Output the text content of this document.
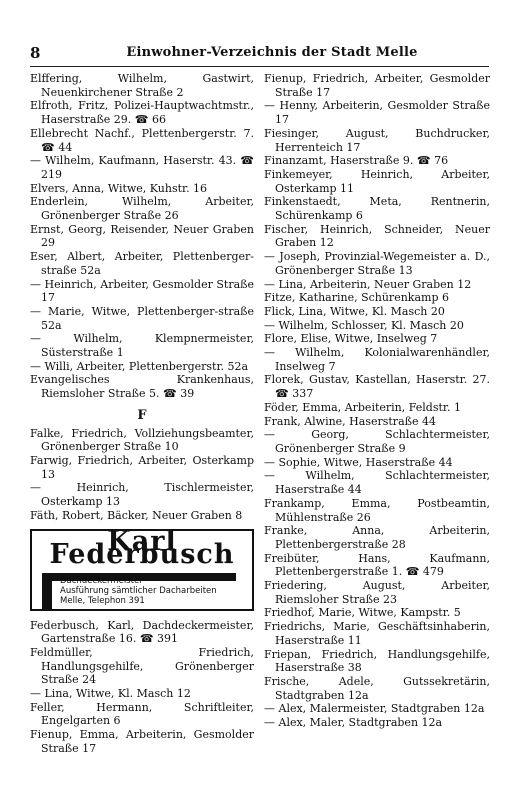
8	Einwohner-Verzeichnis der Stadt Melle

Elffering, Wilhelm, Gastwirt, Neuenkirchener Straße 2

Elfroth, Fritz, Polizei-Hauptwachtmstr., Haserstraße 29. ☎ 66

Ellebrecht Nachf., Plettenbergerstr. 7. ☎ 44

— Wilhelm, Kaufmann, Haserstr. 43. ☎ 219

Elvers, Anna, Witwe, Kuhstr. 16

Enderlein, Wilhelm, Arbeiter, Grönenberger Straße 26

Ernst, Georg, Reisender, Neuer Graben 29

Eser, Albert, Arbeiter, Plettenberger-straße 52a

— Heinrich, Arbeiter, Gesmolder Straße 17

— Marie, Witwe, Plettenberger-straße 52a

— Wilhelm, Klempnermeister, Süsterstraße 1

— Willi, Arbeiter, Plettenbergerstr. 52a

Evangelisches Krankenhaus, Riemsloher Straße 5. ☎ 39

F

Falke, Friedrich, Vollziehungsbeamter, Grönenberger Straße 10

Farwig, Friedrich, Arbeiter, Osterkamp 13

— Heinrich, Tischlermeister, Osterkamp 13

Fäth, Robert, Bäcker, Neuer Graben 8

Karl Federbusch
Dachdeckermeister
Ausführung sämtlicher Dacharbeiten
Melle, Telephon 391

Federbusch, Karl, Dachdeckermeister, Gartenstraße 16. ☎ 391

Feldmüller, Friedrich, Handlungsgehilfe, Grönenberger Straße 24

— Lina, Witwe, Kl. Masch 12

Feller, Hermann, Schriftleiter, Engelgarten 6

Fienup, Emma, Arbeiterin, Gesmolder Straße 17

Fienup, Friedrich, Arbeiter, Gesmolder Straße 17

— Henny, Arbeiterin, Gesmolder Straße 17

Fiesinger, August, Buchdrucker, Herrenteich 17

Finanzamt, Haserstraße 9. ☎ 76

Finkemeyer, Heinrich, Arbeiter, Osterkamp 11

Finkenstaedt, Meta, Rentnerin, Schürenkamp 6

Fischer, Heinrich, Schneider, Neuer Graben 12

— Joseph, Provinzial-Wegemeister a. D., Grönenberger Straße 13

— Lina, Arbeiterin, Neuer Graben 12

Fitze, Katharine, Schürenkamp 6

Flick, Lina, Witwe, Kl. Masch 20

— Wilhelm, Schlosser, Kl. Masch 20

Flore, Elise, Witwe, Inselweg 7

— Wilhelm, Kolonialwarenhändler, Inselweg 7

Florek, Gustav, Kastellan, Haserstr. 27. ☎ 337

Föder, Emma, Arbeiterin, Feldstr. 1

Frank, Alwine, Haserstraße 44

— Georg, Schlachtermeister, Grönenberger Straße 9

— Sophie, Witwe, Haserstraße 44

— Wilhelm, Schlachtermeister, Haserstraße 44

Frankamp, Emma, Postbeamtin, Mühlenstraße 26

Franke, Anna, Arbeiterin, Plettenbergerstraße 28

Freibüter, Hans, Kaufmann, Plettenbergerstraße 1. ☎ 479

Friedering, August, Arbeiter, Riemsloher Straße 23

Friedhof, Marie, Witwe, Kampstr. 5

Friedrichs, Marie, Geschäftsinhaberin, Haserstraße 11

Friepan, Friedrich, Handlungsgehilfe, Haserstraße 38

Frische, Adele, Gutssekretärin, Stadtgraben 12a

— Alex, Malermeister, Stadtgraben 12a

— Alex, Maler, Stadtgraben 12a
